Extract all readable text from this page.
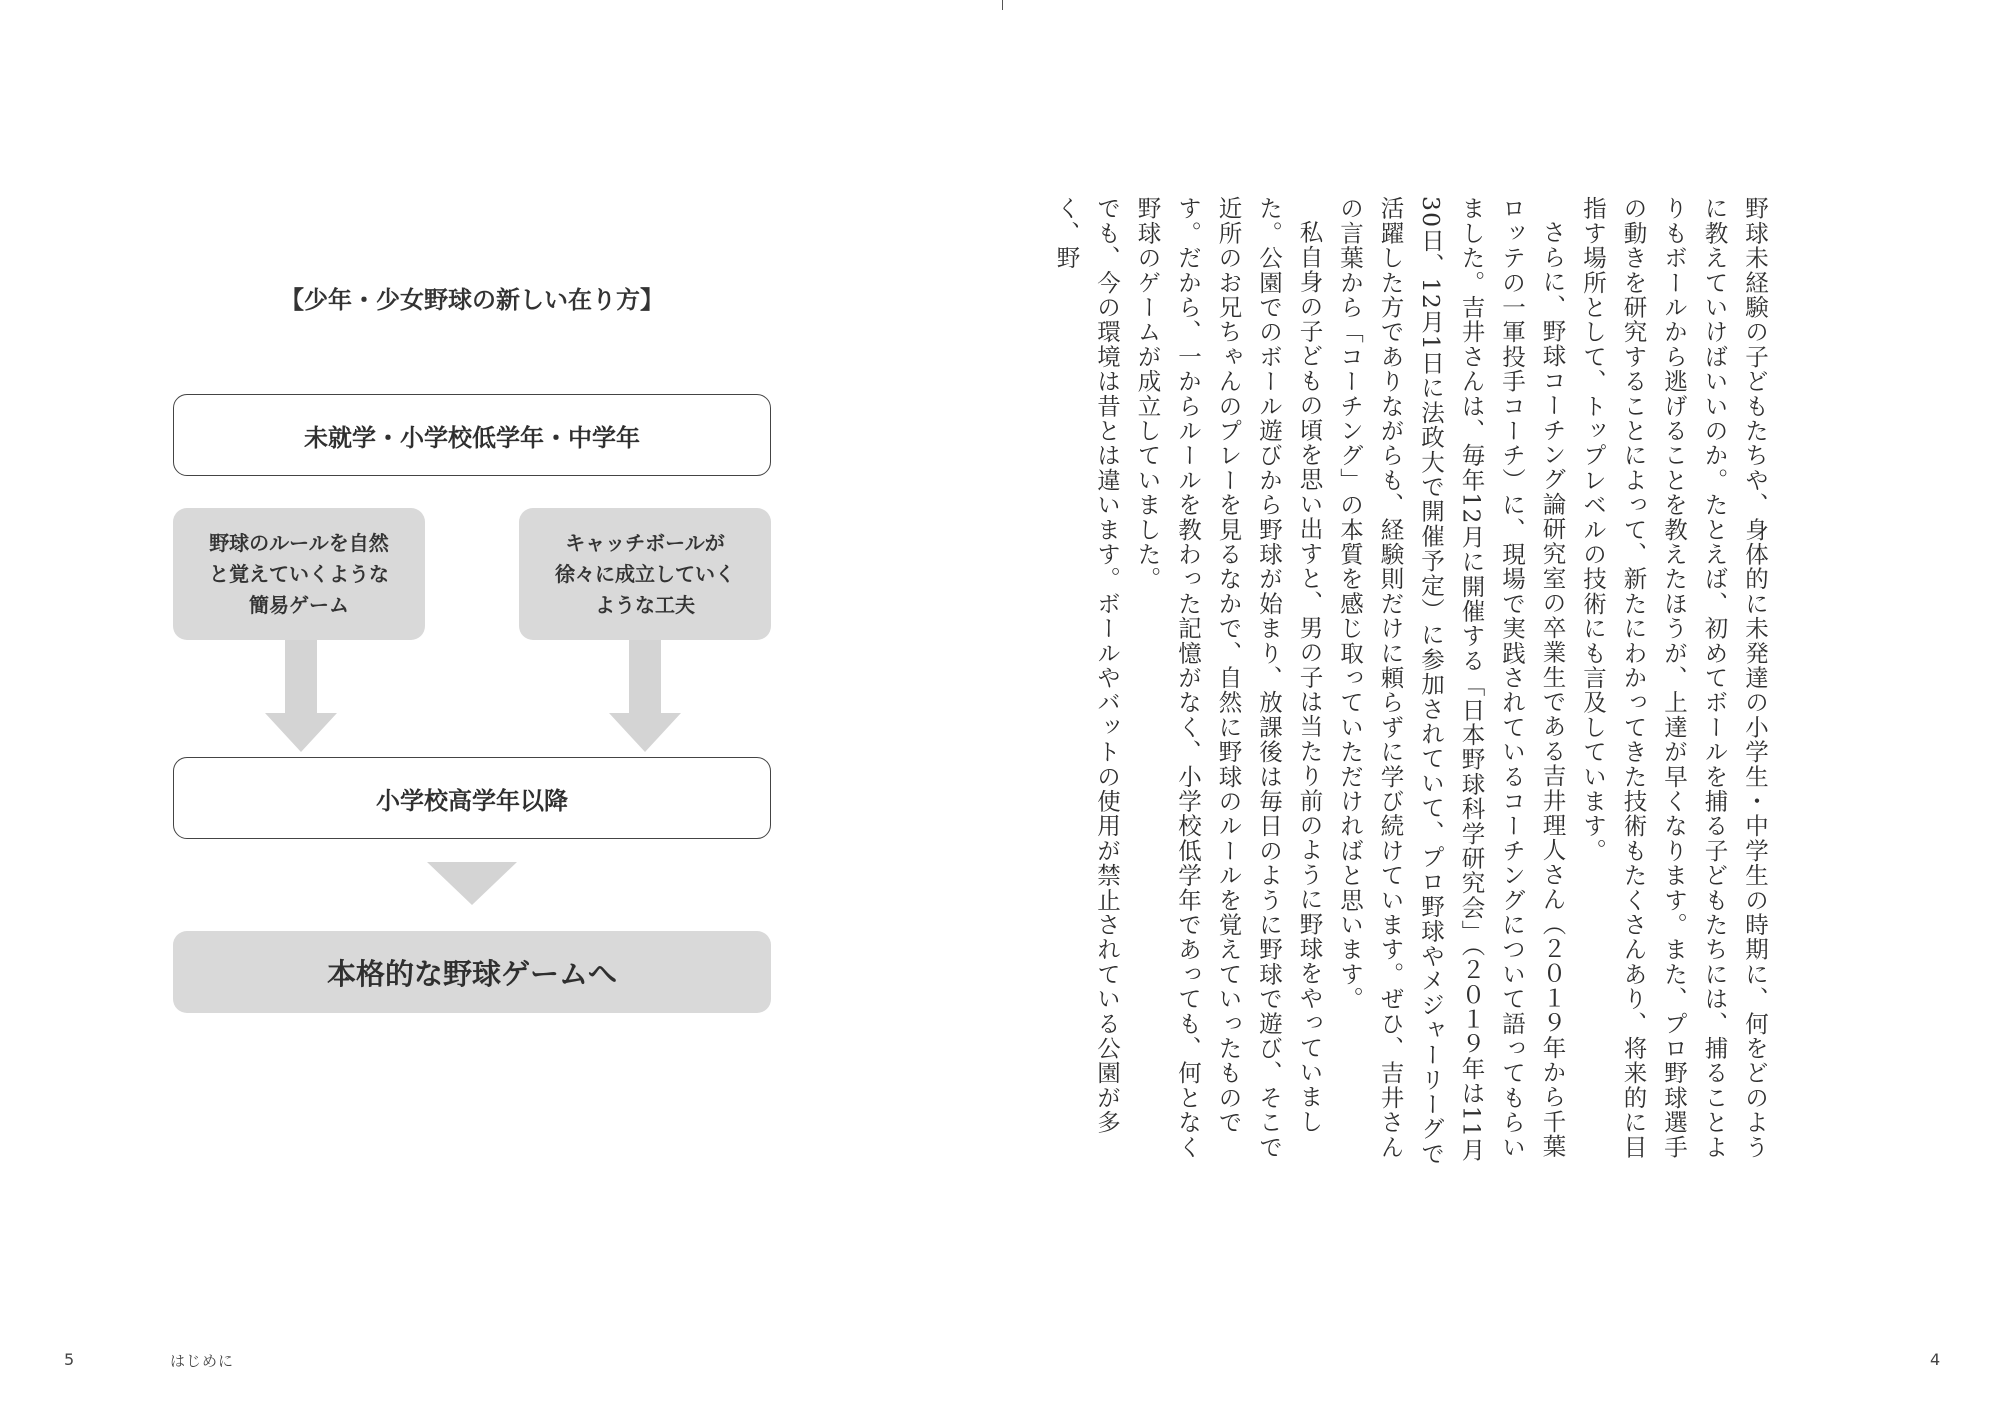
【少年・少女野球の新しい在り方】
未就学・小学校低学年・中学年
野球のルールを自然
と覚えていくような
簡易ゲーム
キャッチボールが
徐々に成立していく
ような工夫
小学校高学年以降
本格的な野球ゲームへ	野球未経験の子どもたちや、身体的に未発達の小学生・中学生の時期に、何をどのように教えていけばいいのか。たとえば、初めてボールを捕る子どもたちには、捕ることよりもボールから逃げることを教えたほうが、上達が早くなります。また、プロ野球選手の動きを研究することによって、新たにわかってきた技術もたくさんあり、将来的に目指す場所として、トップレベルの技術にも言及しています。

さらに、野球コーチング論研究室の卒業生である吉井理人さん（２０１９年から千葉ロッテの一軍投手コーチ）に、現場で実践されているコーチングについて語ってもらいました。吉井さんは、毎年12月に開催する「日本野球科学研究会」（２０１９年は11月30日、12月1日に法政大で開催予定）に参加されていて、プロ野球やメジャーリーグで活躍した方でありながらも、経験則だけに頼らずに学び続けています。ぜひ、吉井さんの言葉から「コーチング」の本質を感じ取っていただければと思います。

私自身の子どもの頃を思い出すと、男の子は当たり前のように野球をやっていました。公園でのボール遊びから野球が始まり、放課後は毎日のように野球で遊び、そこで近所のお兄ちゃんのプレーを見るなかで、自然に野球のルールを覚えていったものです。だから、一からルールを教わった記憶がなく、小学校低学年であっても、何となく野球のゲームが成立していました。

でも、今の環境は昔とは違います。ボールやバットの使用が禁止されている公園が多く、野

5	はじめに	4
